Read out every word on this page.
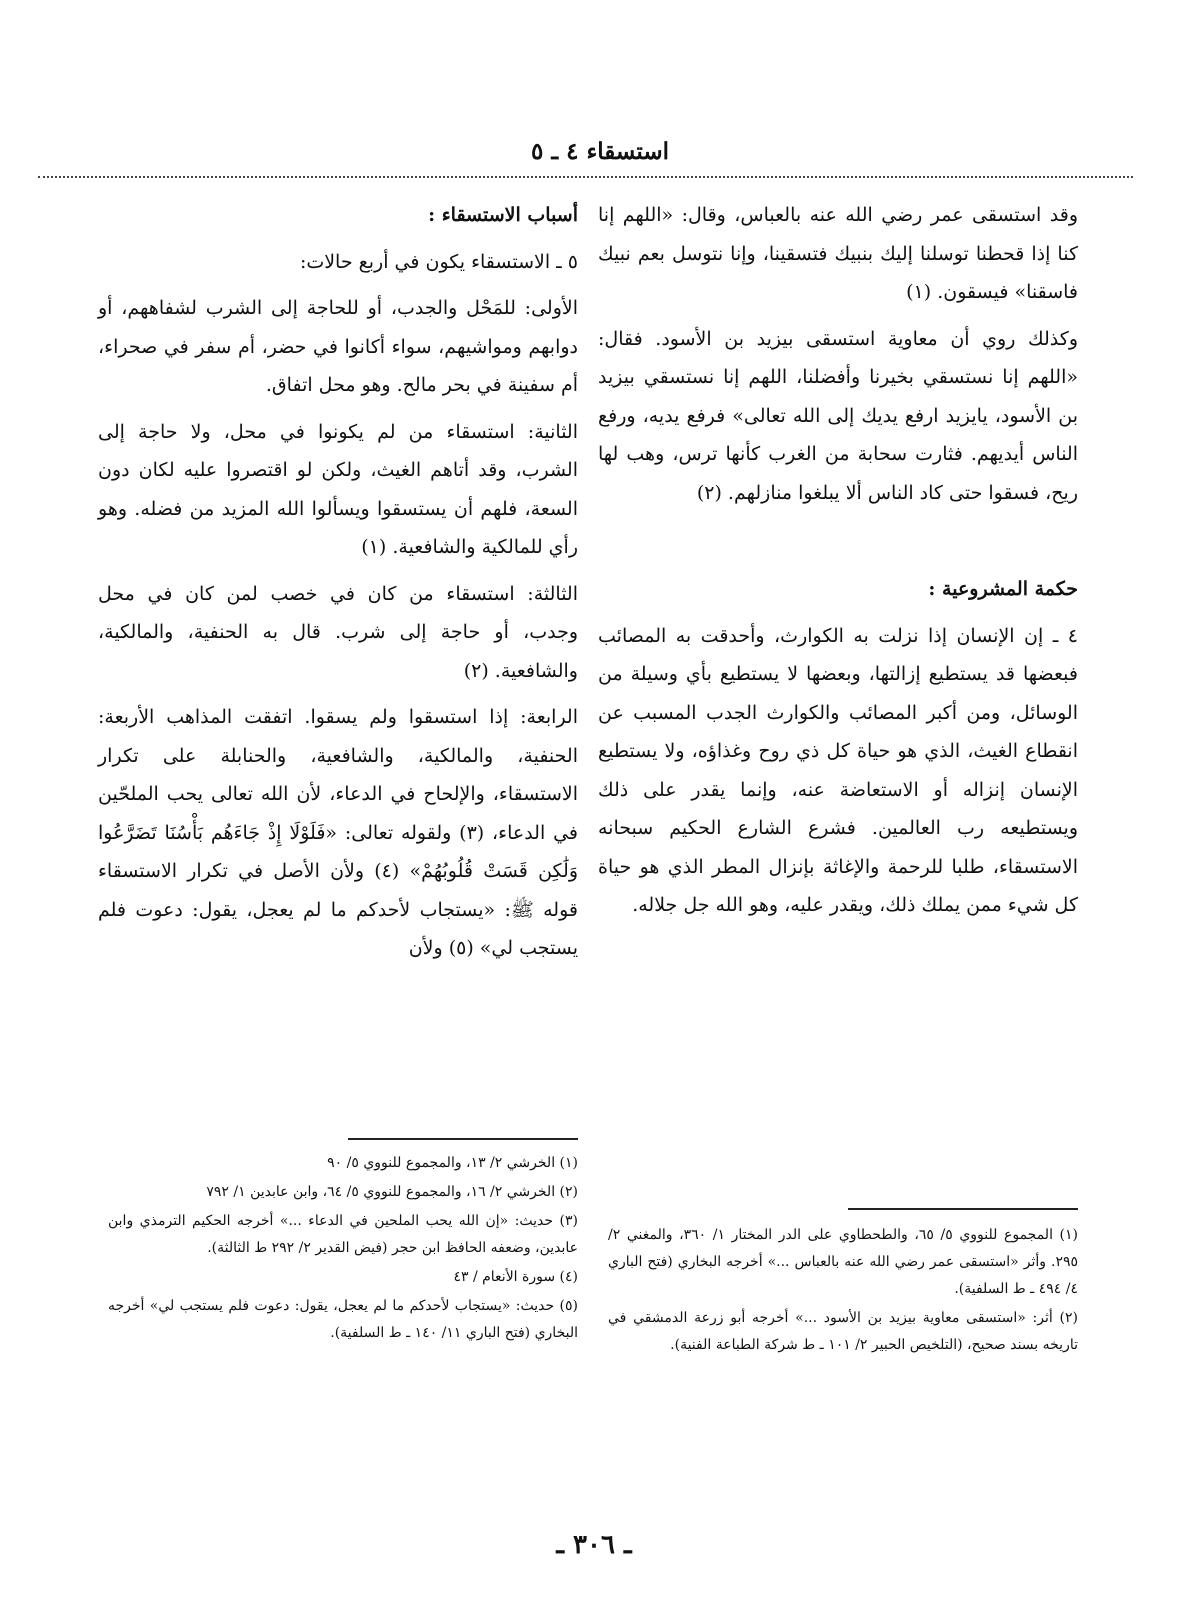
استسقاء ٤ ـ ٥

وقد استسقى عمر رضي الله عنه بالعباس، وقال: «اللهم إنا كنا إذا قحطنا توسلنا إليك بنبيك فتسقينا، وإنا نتوسل بعم نبيك فاسقنا» فيسقون. (١)

وكذلك روي أن معاوية استسقى بيزيد بن الأسود. فقال: «اللهم إنا نستسقي بخيرنا وأفضلنا، اللهم إنا نستسقي بيزيد بن الأسود، يايزيد ارفع يديك إلى الله تعالى» فرفع يديه، ورفع الناس أيديهم. فثارت سحابة من الغرب كأنها ترس، وهب لها ريح، فسقوا حتى كاد الناس ألا يبلغوا منازلهم. (٢)

حكمة المشروعية :

٤ ـ إن الإنسان إذا نزلت به الكوارث، وأحدقت به المصائب فبعضها قد يستطيع إزالتها، وبعضها لا يستطيع بأي وسيلة من الوسائل، ومن أكبر المصائب والكوارث الجدب المسبب عن انقطاع الغيث، الذي هو حياة كل ذي روح وغذاؤه، ولا يستطيع الإنسان إنزاله أو الاستعاضة عنه، وإنما يقدر على ذلك ويستطيعه رب العالمين. فشرع الشارع الحكيم سبحانه الاستسقاء، طلبا للرحمة والإغاثة بإنزال المطر الذي هو حياة كل شيء ممن يملك ذلك، ويقدر عليه، وهو الله جل جلاله.

أسباب الاستسقاء :

٥ ـ الاستسقاء يكون في أربع حالات:

الأولى: للمَحْل والجدب، أو للحاجة إلى الشرب لشفاههم، أو دوابهم ومواشيهم، سواء أكانوا في حضر، أم سفر في صحراء، أم سفينة في بحر مالح. وهو محل اتفاق.

الثانية: استسقاء من لم يكونوا في محل، ولا حاجة إلى الشرب، وقد أتاهم الغيث، ولكن لو اقتصروا عليه لكان دون السعة، فلهم أن يستسقوا ويسألوا الله المزيد من فضله. وهو رأي للمالكية والشافعية. (١)

الثالثة: استسقاء من كان في خصب لمن كان في محل وجدب، أو حاجة إلى شرب. قال به الحنفية، والمالكية، والشافعية. (٢)

الرابعة: إذا استسقوا ولم يسقوا. اتفقت المذاهب الأربعة: الحنفية، والمالكية، والشافعية، والحنابلة على تكرار الاستسقاء، والإلحاح في الدعاء، لأن الله تعالى يحب الملحّين في الدعاء، (٣) ولقوله تعالى: «فَلَوْلَا إِذْ جَاءَهُم بَأْسُنَا تَضَرَّعُوا وَلَٰكِن قَسَتْ قُلُوبُهُمْ» (٤) ولأن الأصل في تكرار الاستسقاء قوله ﷺ: «يستجاب لأحدكم ما لم يعجل، يقول: دعوت فلم يستجب لي» (٥) ولأن

(١) المجموع للنووي ٥/ ٦٥، والطحطاوي على الدر المختار ١/ ٣٦٠، والمغني ٢/ ٢٩٥. وأثر «استسقى عمر رضي الله عنه بالعباس ...» أخرجه البخاري (فتح الباري ٤/ ٤٩٤ ـ ط السلفية).

(٢) أثر: «استسقى معاوية بيزيد بن الأسود ...» أخرجه أبو زرعة الدمشقي في تاريخه بسند صحيح، (التلخيص الحبير ٢/ ١٠١ ـ ط شركة الطباعة الفنية).

(١) الخرشي ٢/ ١٣، والمجموع للنووي ٥/ ٩٠

(٢) الخرشي ٢/ ١٦، والمجموع للنووي ٥/ ٦٤، وابن عابدين ١/ ٧٩٢

(٣) حديث: «إن الله يحب الملحين في الدعاء ...» أخرجه الحكيم الترمذي وابن عابدين، وضعفه الحافظ ابن حجر (فيض القدير ٢/ ٢٩٢ ط الثالثة).

(٤) سورة الأنعام / ٤٣

(٥) حديث: «يستجاب لأحدكم ما لم يعجل، يقول: دعوت فلم يستجب لي» أخرجه البخاري (فتح الباري ١١/ ١٤٠ ـ ط السلفية).

ـ ٣٠٦ ـ
